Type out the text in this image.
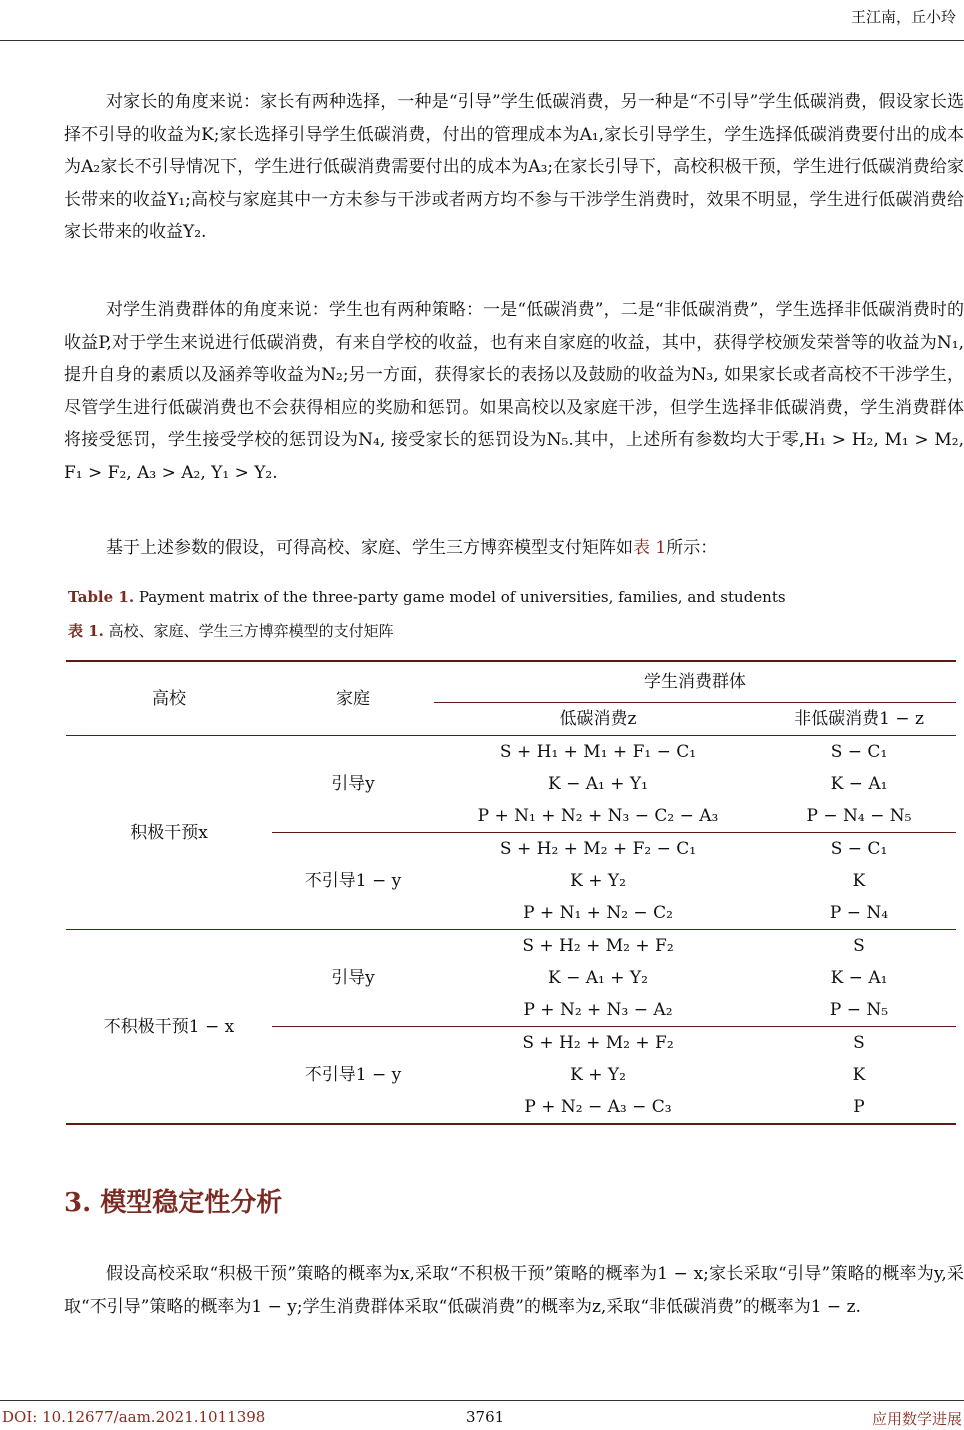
王江南，丘小玲

对家长的角度来说：家长有两种选择，一种是“引导”学生低碳消费，另一种是“不引导”学生低碳消费，假设家长选择不引导的收益为K;家长选择引导学生低碳消费，付出的管理成本为A₁,家长引导学生，学生选择低碳消费要付出的成本为A₂家长不引导情况下，学生进行低碳消费需要付出的成本为A₃;在家长引导下，高校积极干预，学生进行低碳消费给家长带来的收益Y₁;高校与家庭其中一方未参与干涉或者两方均不参与干涉学生消费时，效果不明显，学生进行低碳消费给家长带来的收益Y₂.

对学生消费群体的角度来说：学生也有两种策略：一是“低碳消费”，二是“非低碳消费”，学生选择非低碳消费时的收益P,对于学生来说进行低碳消费，有来自学校的收益，也有来自家庭的收益，其中，获得学校颁发荣誉等的收益为N₁,提升自身的素质以及涵养等收益为N₂;另一方面，获得家长的表扬以及鼓励的收益为N₃, 如果家长或者高校不干涉学生，尽管学生进行低碳消费也不会获得相应的奖励和惩罚。如果高校以及家庭干涉，但学生选择非低碳消费，学生消费群体将接受惩罚，学生接受学校的惩罚设为N₄, 接受家长的惩罚设为N₅.其中，上述所有参数均大于零,H₁ > H₂, M₁ > M₂, F₁ > F₂, A₃ > A₂, Y₁ > Y₂.

基于上述参数的假设，可得高校、家庭、学生三方博弈模型支付矩阵如表 1所示：

Table 1. Payment matrix of the three-party game model of universities, families, and students
表 1. 高校、家庭、学生三方博弈模型的支付矩阵
高校	家庭	学生消费群体	
		低碳消费z	非低碳消费1 − z
积极干预x	引导y	S + H₁ + M₁ + F₁ − C₁	S − C₁
		K − A₁ + Y₁	K − A₁
		P + N₁ + N₂ + N₃ − C₂ − A₃	P − N₄ − N₅
	不引导1 − y	S + H₂ + M₂ + F₂ − C₁	S − C₁
		K + Y₂	K
		P + N₁ + N₂ − C₂	P − N₄
不积极干预1 − x	引导y	S + H₂ + M₂ + F₂	S
		K − A₁ + Y₂	K − A₁
		P + N₂ + N₃ − A₂	P − N₅
	不引导1 − y	S + H₂ + M₂ + F₂	S
		K + Y₂	K
		P + N₂ − A₃ − C₃	P
3. 模型稳定性分析

假设高校采取“积极干预”策略的概率为x,采取“不积极干预”策略的概率为1 − x;家长采取“引导”策略的概率为y,采取“不引导”策略的概率为1 − y;学生消费群体采取“低碳消费”的概率为z,采取“非低碳消费”的概率为1 − z.

DOI: 10.12677/aam.2021.1011398	3761	应用数学进展
